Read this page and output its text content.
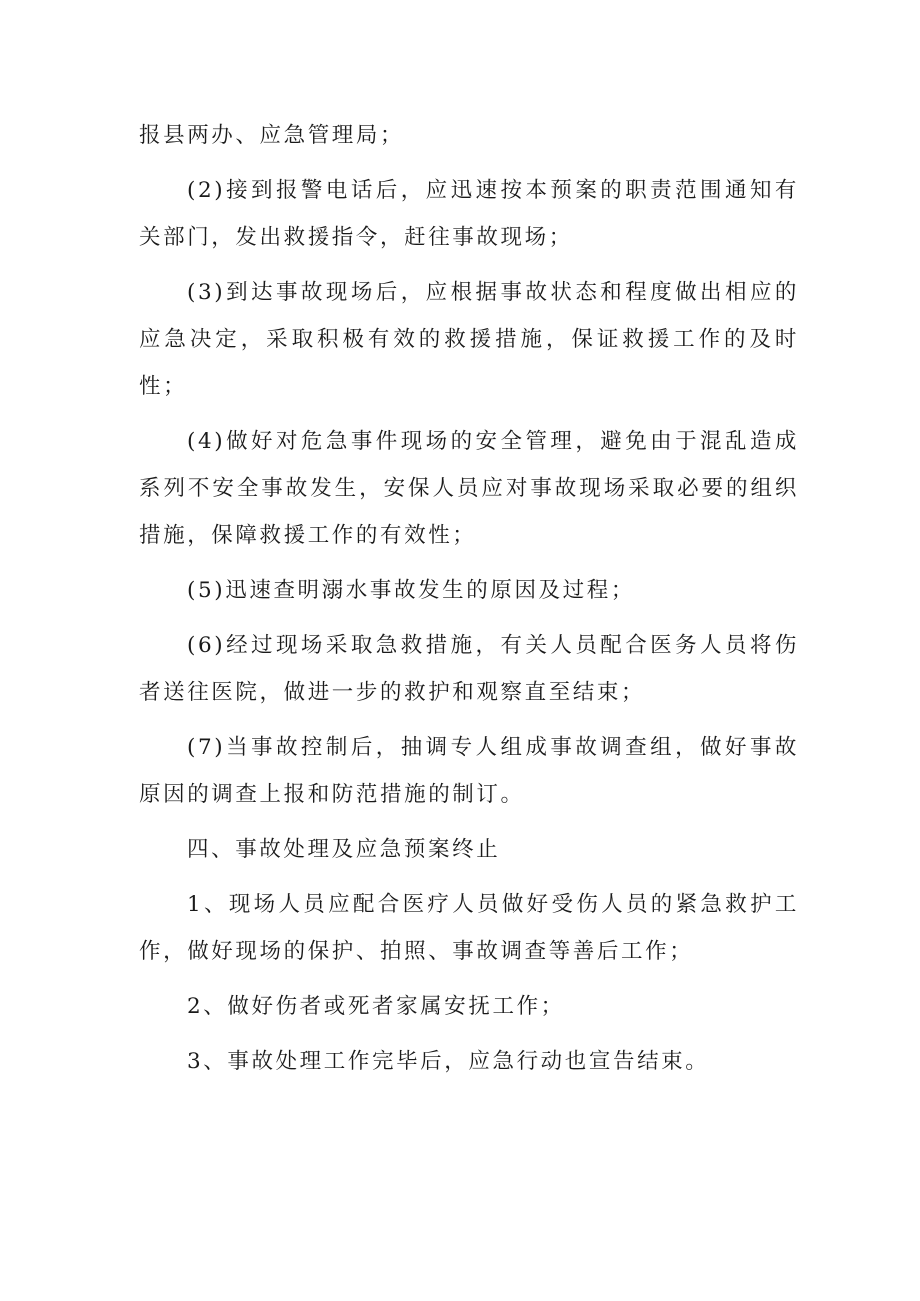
报县两办、应急管理局；

(2)接到报警电话后，应迅速按本预案的职责范围通知有关部门，发出救援指令，赶往事故现场；

(3)到达事故现场后，应根据事故状态和程度做出相应的应急决定，采取积极有效的救援措施，保证救援工作的及时性；

(4)做好对危急事件现场的安全管理，避免由于混乱造成系列不安全事故发生，安保人员应对事故现场采取必要的组织措施，保障救援工作的有效性；

(5)迅速查明溺水事故发生的原因及过程；

(6)经过现场采取急救措施，有关人员配合医务人员将伤者送往医院，做进一步的救护和观察直至结束；

(7)当事故控制后，抽调专人组成事故调查组，做好事故原因的调查上报和防范措施的制订。

四、事故处理及应急预案终止

1、现场人员应配合医疗人员做好受伤人员的紧急救护工作，做好现场的保护、拍照、事故调查等善后工作；

2、做好伤者或死者家属安抚工作；

3、事故处理工作完毕后，应急行动也宣告结束。
